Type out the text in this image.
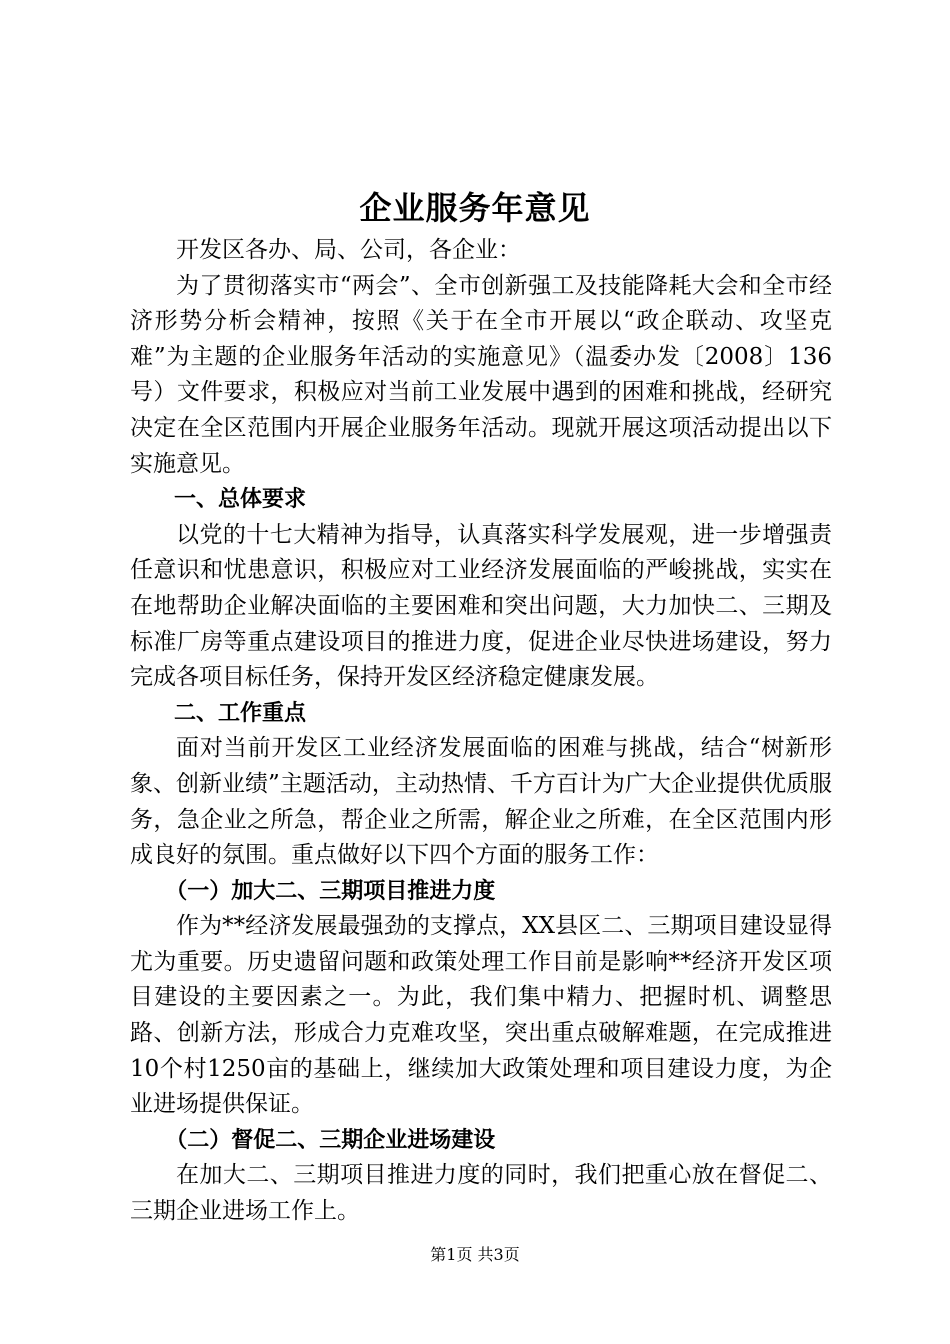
企业服务年意见

开发区各办、局、公司，各企业：

为了贯彻落实市“两会”、全市创新强工及技能降耗大会和全市经济形势分析会精神，按照《关于在全市开展以“政企联动、攻坚克难”为主题的企业服务年活动的实施意见》（温委办发〔2008〕136号）文件要求，积极应对当前工业发展中遇到的困难和挑战，经研究决定在全区范围内开展企业服务年活动。现就开展这项活动提出以下实施意见。

一、总体要求

以党的十七大精神为指导，认真落实科学发展观，进一步增强责任意识和忧患意识，积极应对工业经济发展面临的严峻挑战，实实在在地帮助企业解决面临的主要困难和突出问题，大力加快二、三期及标准厂房等重点建设项目的推进力度，促进企业尽快进场建设，努力完成各项目标任务，保持开发区经济稳定健康发展。

二、工作重点

面对当前开发区工业经济发展面临的困难与挑战，结合“树新形象、创新业绩”主题活动，主动热情、千方百计为广大企业提供优质服务，急企业之所急，帮企业之所需，解企业之所难，在全区范围内形成良好的氛围。重点做好以下四个方面的服务工作：

（一）加大二、三期项目推进力度

作为**经济发展最强劲的支撑点，XX县区二、三期项目建设显得尤为重要。历史遗留问题和政策处理工作目前是影响**经济开发区项目建设的主要因素之一。为此，我们集中精力、把握时机、调整思路、创新方法，形成合力克难攻坚，突出重点破解难题，在完成推进10个村1250亩的基础上，继续加大政策处理和项目建设力度，为企业进场提供保证。

（二）督促二、三期企业进场建设

在加大二、三期项目推进力度的同时，我们把重心放在督促二、三期企业进场工作上。

第1页 共3页
